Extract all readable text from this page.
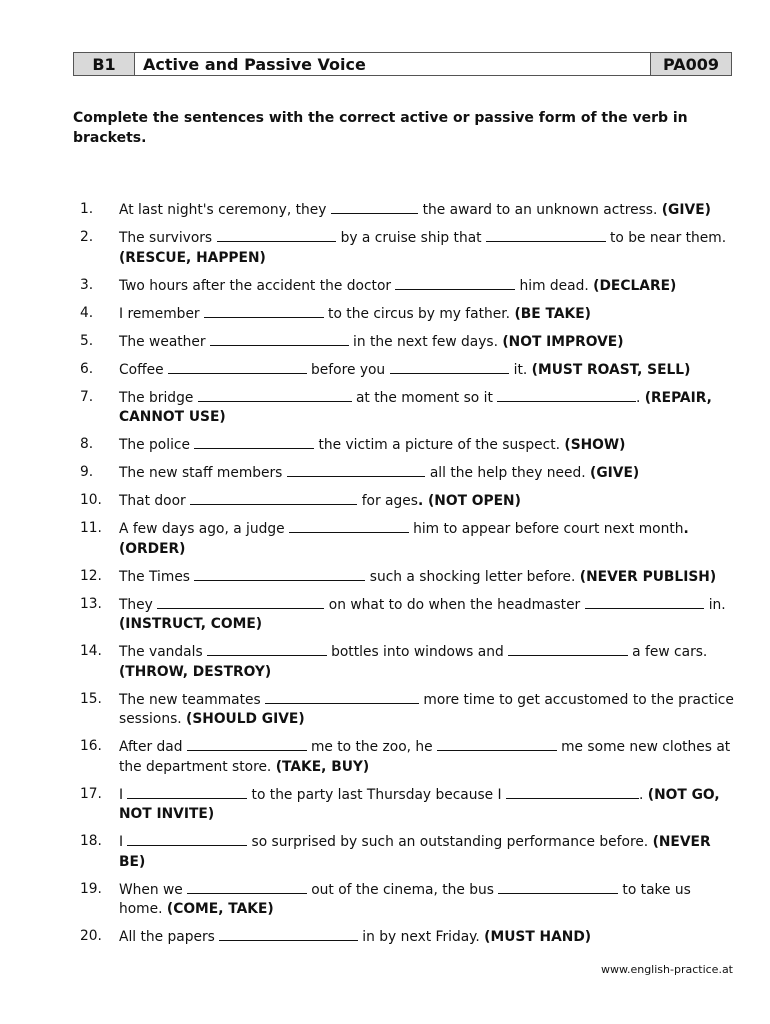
B1	Active and Passive Voice	PA009
Complete the sentences with the correct active or passive form of the verb in brackets.
1.	At last night's ceremony, they	the award to an unknown actress. (GIVE)
2.	The survivors	by a cruise ship that	to be near them. (RESCUE, HAPPEN)
3.	Two hours after the accident the doctor	him dead. (DECLARE)
4.	I remember	to the circus by my father. (BE TAKE)
5.	The weather	in the next few days. (NOT IMPROVE)
6.	Coffee	before you	it. (MUST ROAST, SELL)
7.	The bridge	at the moment so it	. (REPAIR, CANNOT USE)
8.	The police	the victim a picture of the suspect. (SHOW)
9.	The new staff members	all the help they need. (GIVE)
10.	That door	for ages. (NOT OPEN)
11.	A few days ago, a judge	him to appear before court next month. (ORDER)
12.	The Times	such a shocking letter before. (NEVER PUBLISH)
13.	They	on what to do when the headmaster	in. (INSTRUCT, COME)
14.	The vandals	bottles into windows and	a few cars. (THROW, DESTROY)
15.	The new teammates	more time to get accustomed to the practice sessions. (SHOULD GIVE)
16.	After dad	me to the zoo, he	me some new clothes at the department store. (TAKE, BUY)
17.	I	to the party last Thursday because I	. (NOT GO, NOT INVITE)
18.	I	so surprised by such an outstanding performance before. (NEVER BE)
19.	When we	out of the cinema, the bus	to take us home. (COME, TAKE)
20.	All the papers	in by next Friday. (MUST HAND)
www.english-practice.at
